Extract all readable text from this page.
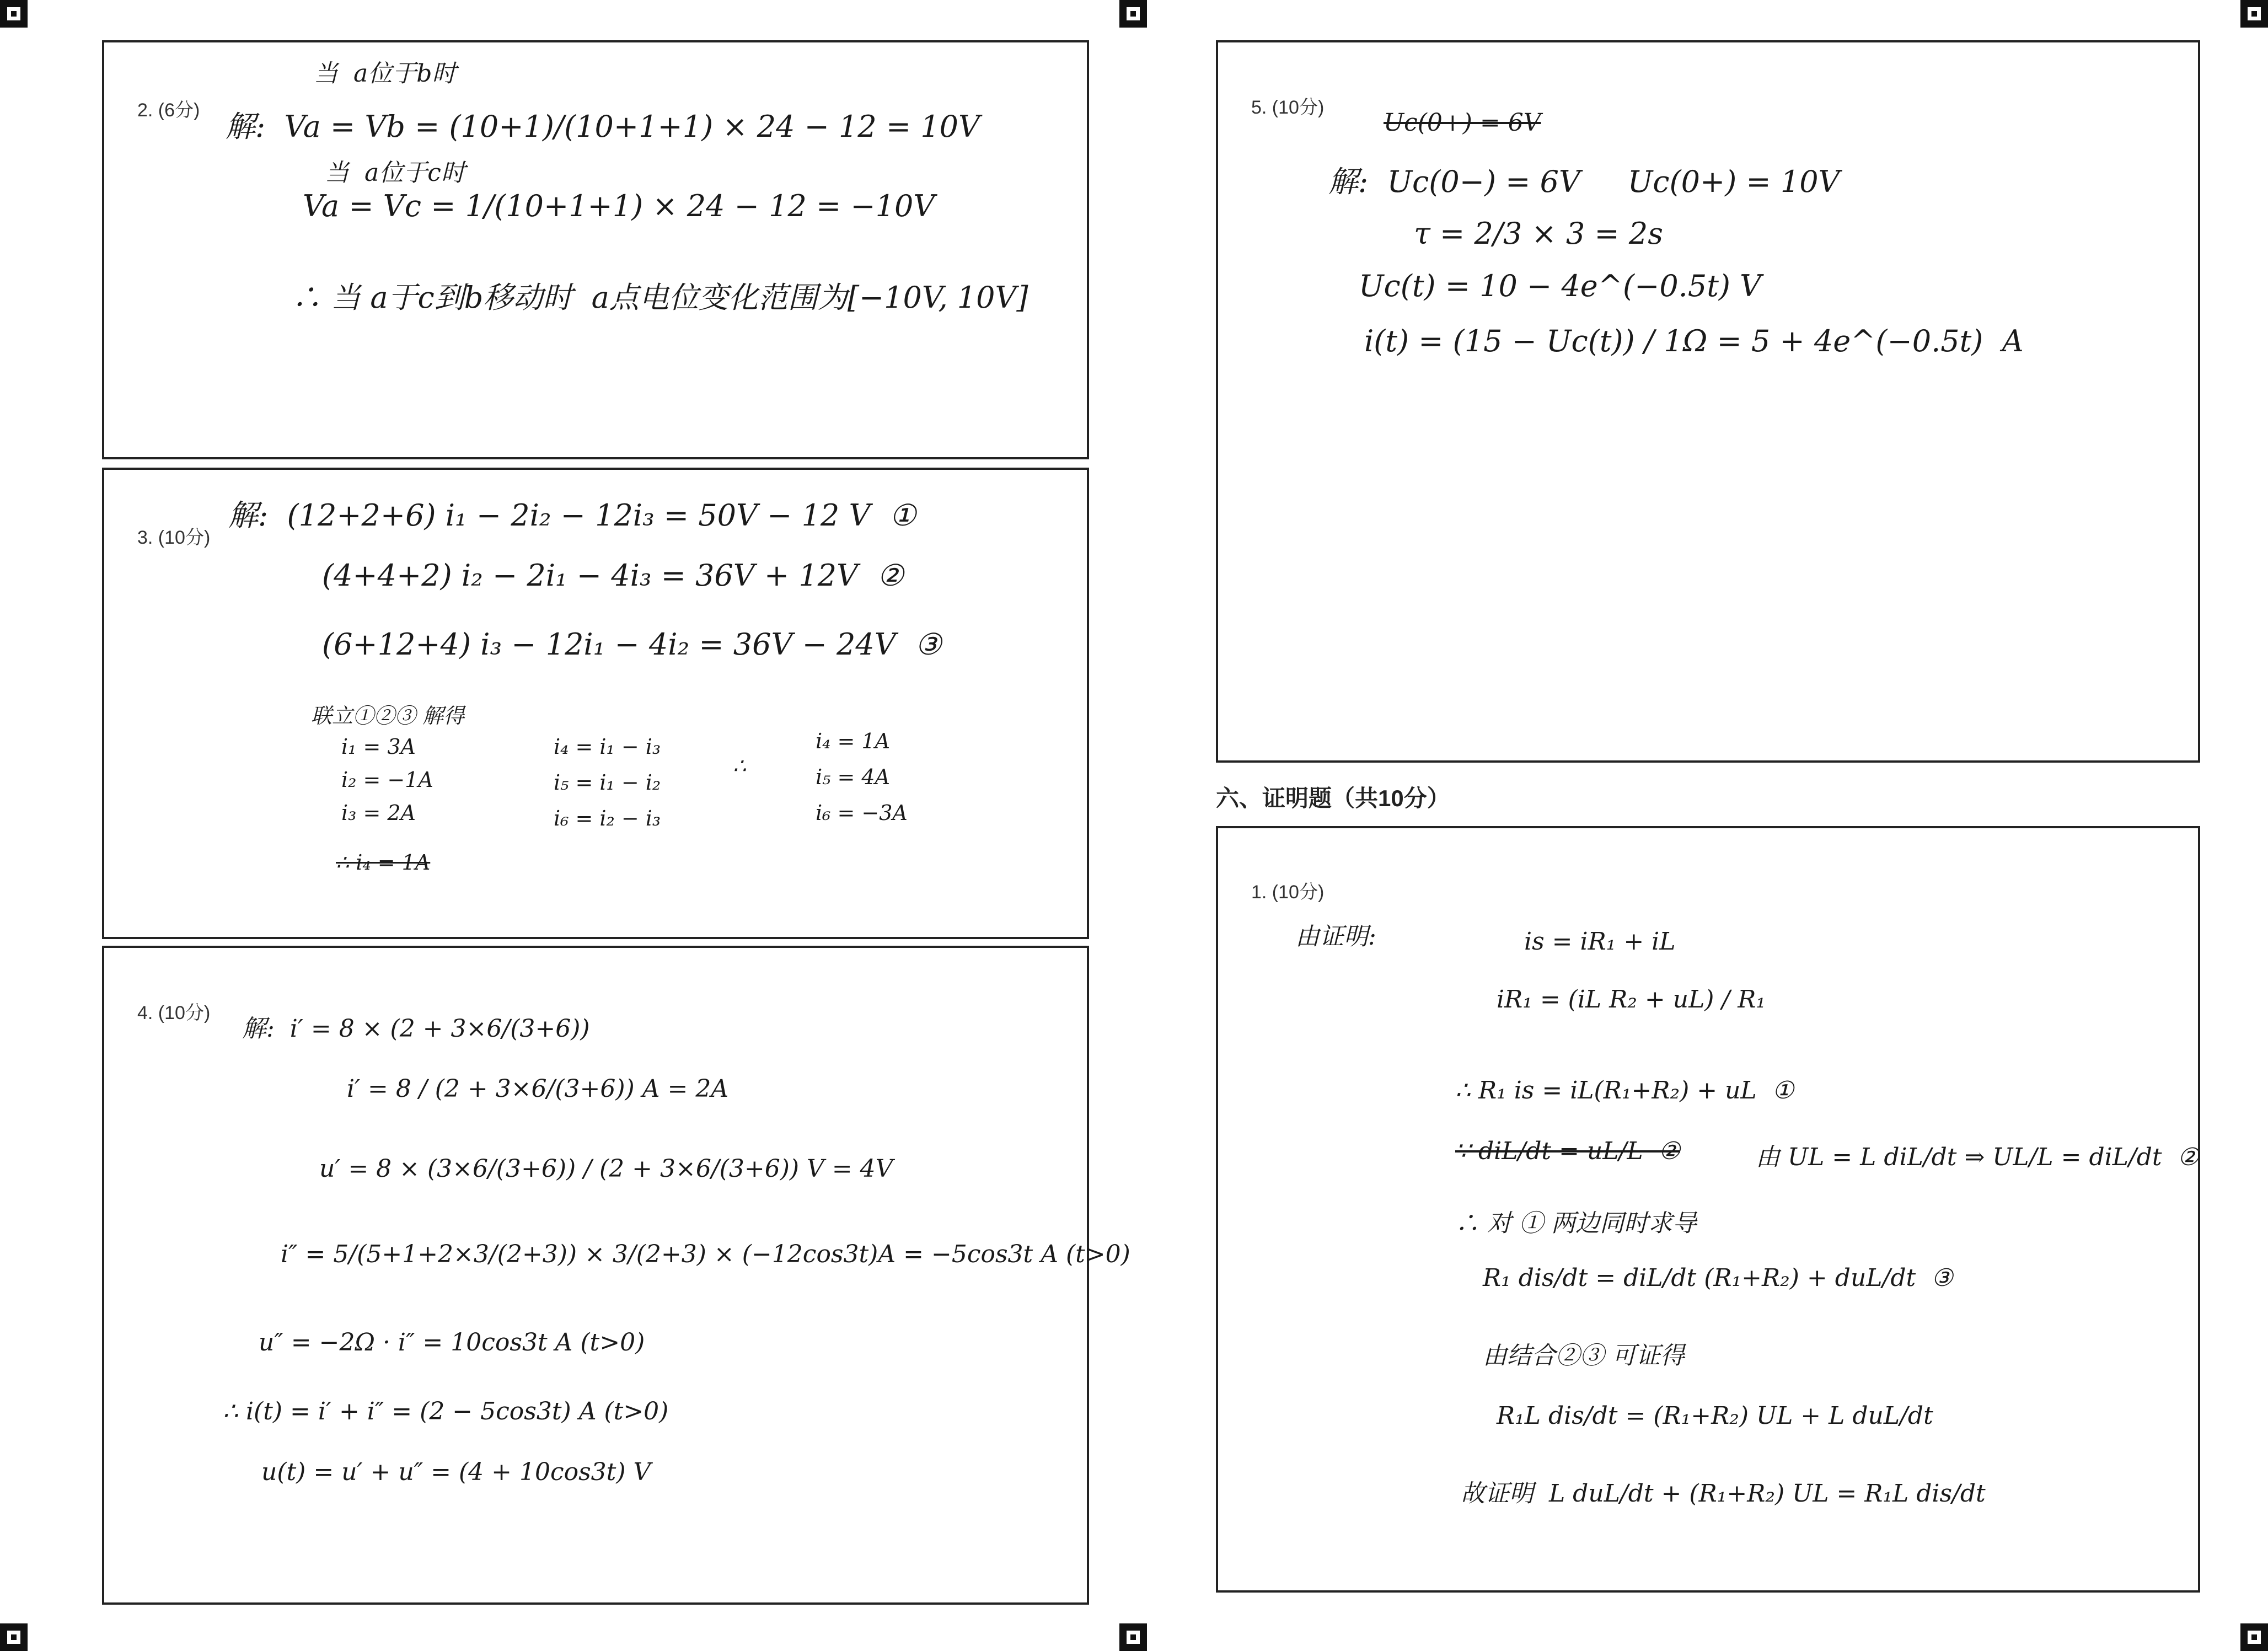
2. (6分)
当  a位于b时
解:  Va = Vb = (10+1)/(10+1+1) × 24 − 12 = 10V
当  a位于c时
Va = Vc = 1/(10+1+1) × 24 − 12 = −10V
∴ 当 a于c到b移动时  a点电位变化范围为[−10V, 10V]
3. (10分)
解:  (12+2+6) i₁ − 2i₂ − 12i₃ = 50V − 12 V  ①
(4+4+2) i₂ − 2i₁ − 4i₃ = 36V + 12V  ②
(6+12+4) i₃ − 12i₁ − 4i₂ = 36V − 24V  ③
联立①②③ 解得
i₁ = 3A
i₂ = −1A
i₃ = 2A
i₄ = i₁ − i₃
i₅ = i₁ − i₂
i₆ = i₂ − i₃
∴
i₄ = 1A
i₅ = 4A
i₆ = −3A
∴ i₄ = 1A
4. (10分)
解:  i′ = 8 × (2 + 3×6/(3+6))
i′ = 8 / (2 + 3×6/(3+6)) A = 2A
u′ = 8 × (3×6/(3+6)) / (2 + 3×6/(3+6)) V = 4V
i″ = 5/(5+1+2×3/(2+3)) × 3/(2+3) × (−12cos3t)A = −5cos3t A (t>0)
u″ = −2Ω · i″ = 10cos3t A (t>0)
∴ i(t) = i′ + i″ = (2 − 5cos3t) A (t>0)
u(t) = u′ + u″ = (4 + 10cos3t) V
5. (10分)
Uc(0+) = 6V
解:  Uc(0−) = 6V     Uc(0+) = 10V
τ = 2/3 × 3 = 2s
Uc(t) = 10 − 4e^(−0.5t) V
i(t) = (15 − Uc(t)) / 1Ω = 5 + 4e^(−0.5t)  A
六、证明题（共10分）
1. (10分)
由证明:	is = iR₁ + iL
iR₁ = (iL R₂ + uL) / R₁
∴ R₁ is = iL(R₁+R₂) + uL  ①
∵ diL/dt = uL/L  ②	由 UL = L diL/dt ⇒ UL/L = diL/dt  ②
∴ 对 ① 两边同时求导
R₁ dis/dt = diL/dt (R₁+R₂) + duL/dt  ③
由结合②③ 可证得
R₁L dis/dt = (R₁+R₂) UL + L duL/dt
故证明  L duL/dt + (R₁+R₂) UL = R₁L dis/dt
